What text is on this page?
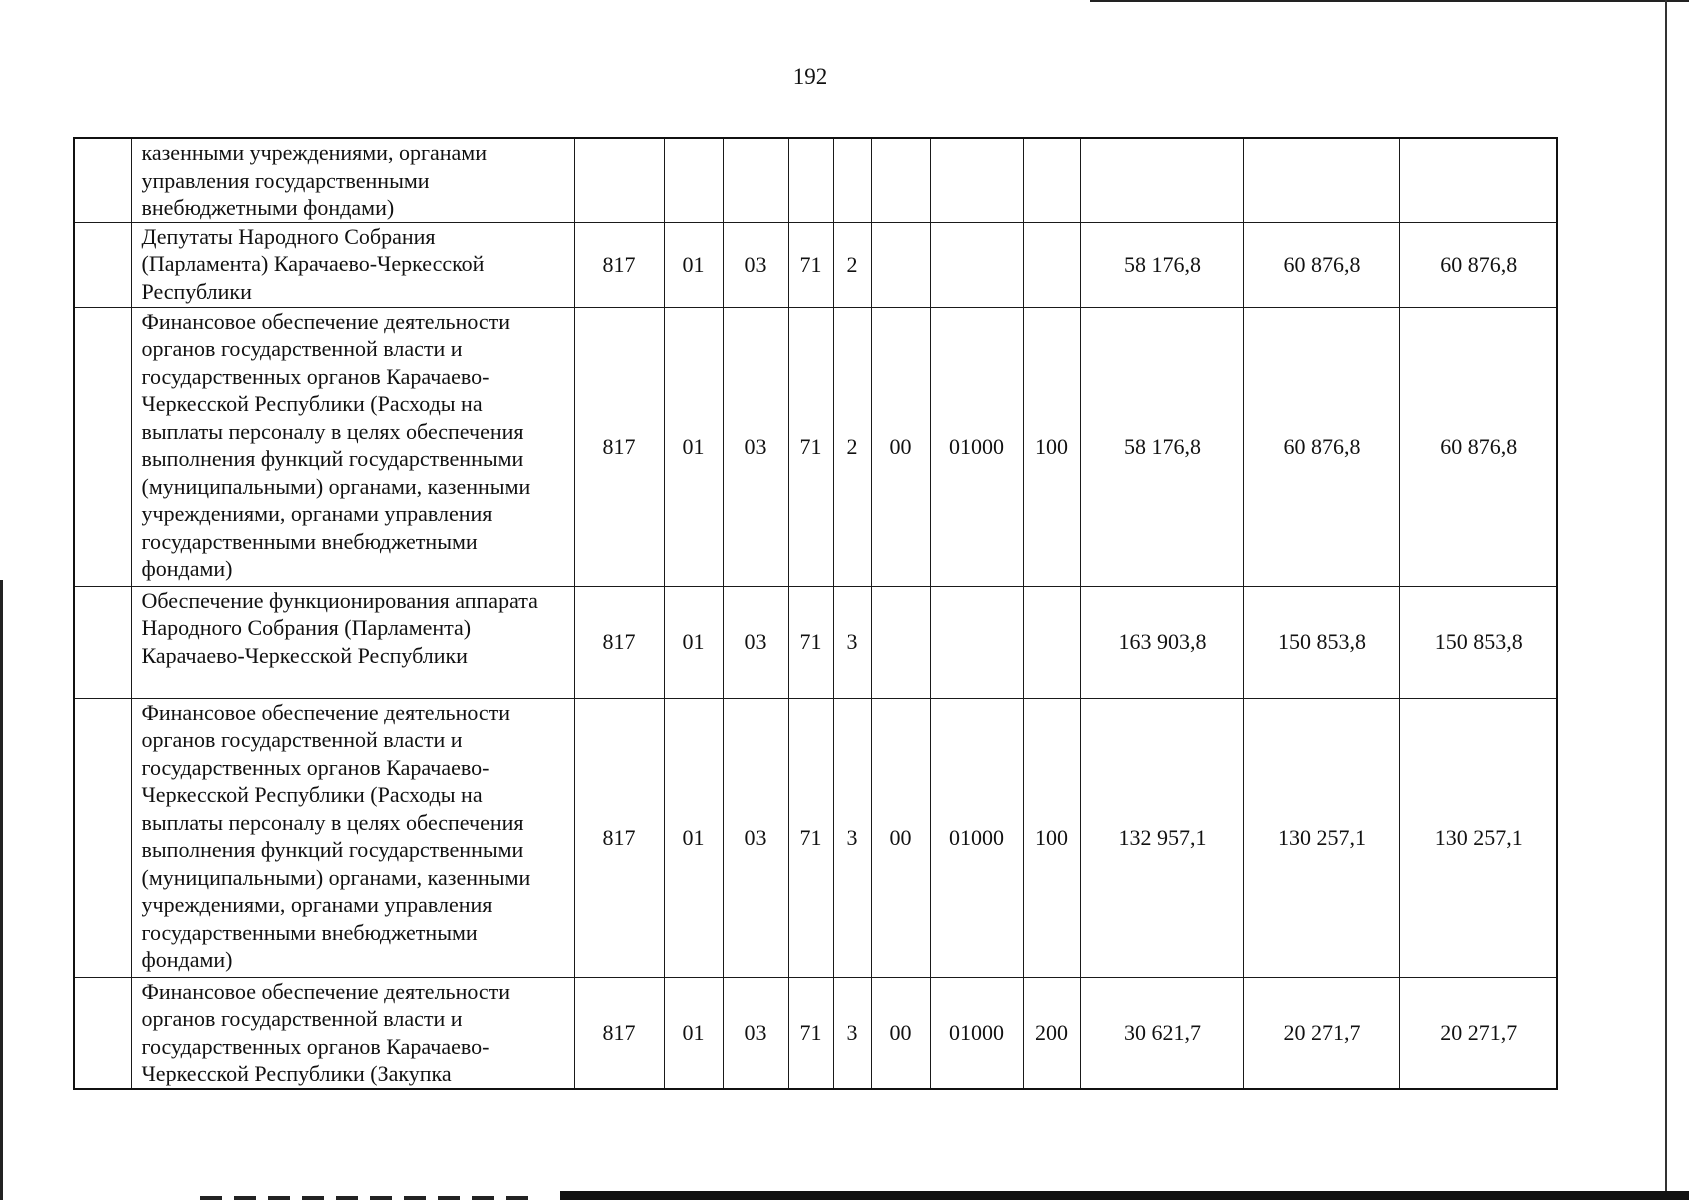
192
	казенными учреждениями, органами управления государственными внебюджетными фондами)											
	Депутаты Народного Собрания (Парламента) Карачаево-Черкесской Республики	817	01	03	71	2				58 176,8	60 876,8	60 876,8
	Финансовое обеспечение деятельности органов государственной власти и государственных органов Карачаево-Черкесской Республики (Расходы на выплаты персоналу в целях обеспечения выполнения функций государственными (муниципальными) органами, казенными учреждениями, органами управления государственными внебюджетными фондами)	817	01	03	71	2	00	01000	100	58 176,8	60 876,8	60 876,8
	Обеспечение функционирования аппарата Народного Собрания (Парламента) Карачаево-Черкесской Республики	817	01	03	71	3				163 903,8	150 853,8	150 853,8
	Финансовое обеспечение деятельности органов государственной власти и государственных органов Карачаево-Черкесской Республики (Расходы на выплаты персоналу в целях обеспечения выполнения функций государственными (муниципальными) органами, казенными учреждениями, органами управления государственными внебюджетными фондами)	817	01	03	71	3	00	01000	100	132 957,1	130 257,1	130 257,1
	Финансовое обеспечение деятельности органов государственной власти и государственных органов Карачаево-Черкесской Республики (Закупка	817	01	03	71	3	00	01000	200	30 621,7	20 271,7	20 271,7
